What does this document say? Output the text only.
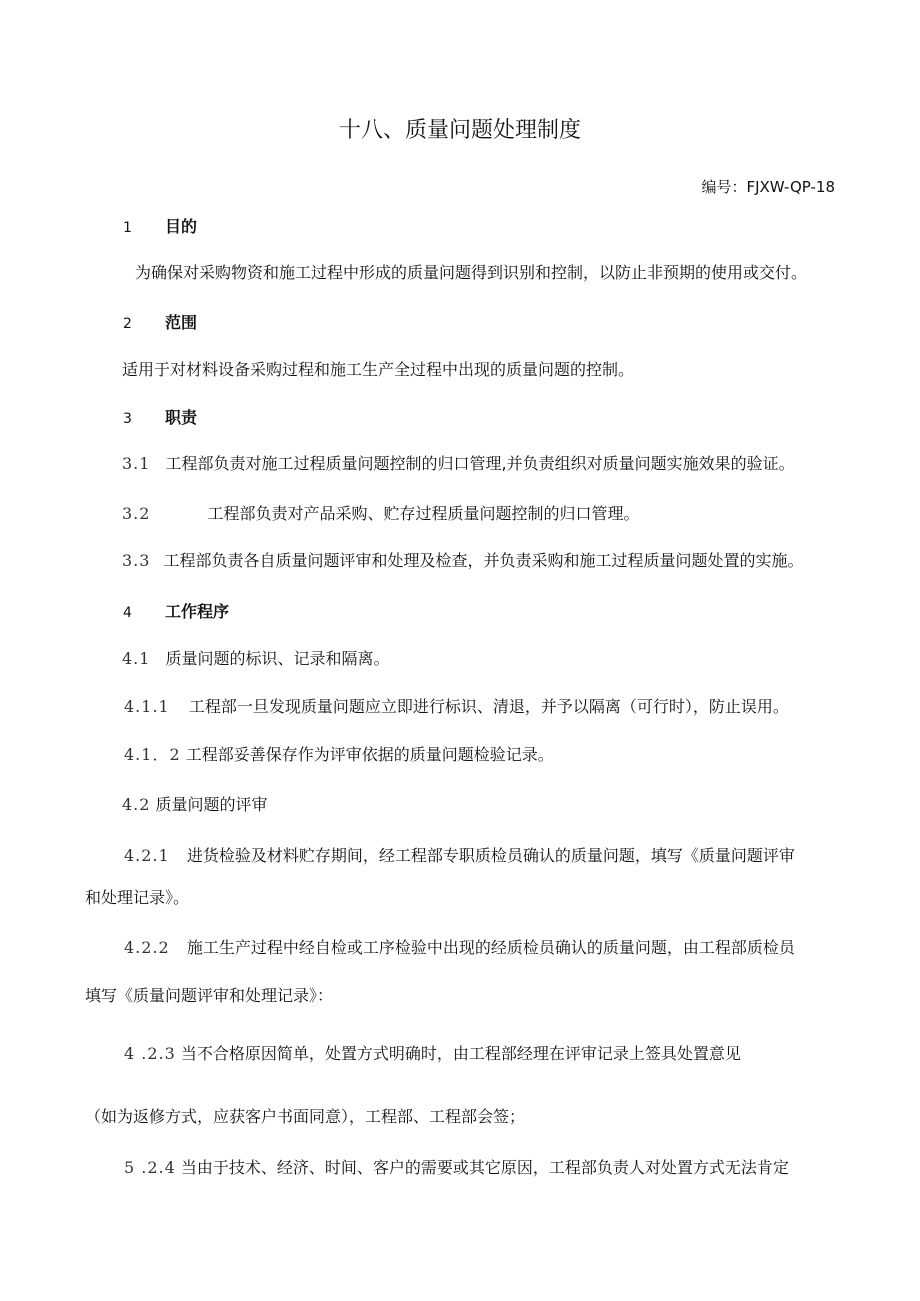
十八、质量问题处理制度
编号：FJXW-QP-18
1 目的
为确保对采购物资和施工过程中形成的质量问题得到识别和控制，以防止非预期的使用或交付。
2 范围
适用于对材料设备采购过程和施工生产全过程中出现的质量问题的控制。
3 职责
3.1 工程部负责对施工过程质量问题控制的归口管理,并负责组织对质量问题实施效果的验证。
3.2	工程部负责对产品采购、贮存过程质量问题控制的归口管理。
3.3 工程部负责各自质量问题评审和处理及检查，并负责采购和施工过程质量问题处置的实施。
4 工作程序
4.1 质量问题的标识、记录和隔离。
4.1.1 工程部一旦发现质量问题应立即进行标识、清退，并予以隔离（可行时），防止误用。
4.1．2 工程部妥善保存作为评审依据的质量问题检验记录。
4.2 质量问题的评审
4.2.1 进货检验及材料贮存期间，经工程部专职质检员确认的质量问题，填写《质量问题评审
和处理记录》。
4.2.2 施工生产过程中经自检或工序检验中出现的经质检员确认的质量问题，由工程部质检员
填写《质量问题评审和处理记录》：
4 .2.3 当不合格原因简单，处置方式明确时，由工程部经理在评审记录上签具处置意见
（如为返修方式，应获客户书面同意），工程部、工程部会签；
5 .2.4 当由于技术、经济、时间、客户的需要或其它原因，工程部负责人对处置方式无法肯定
